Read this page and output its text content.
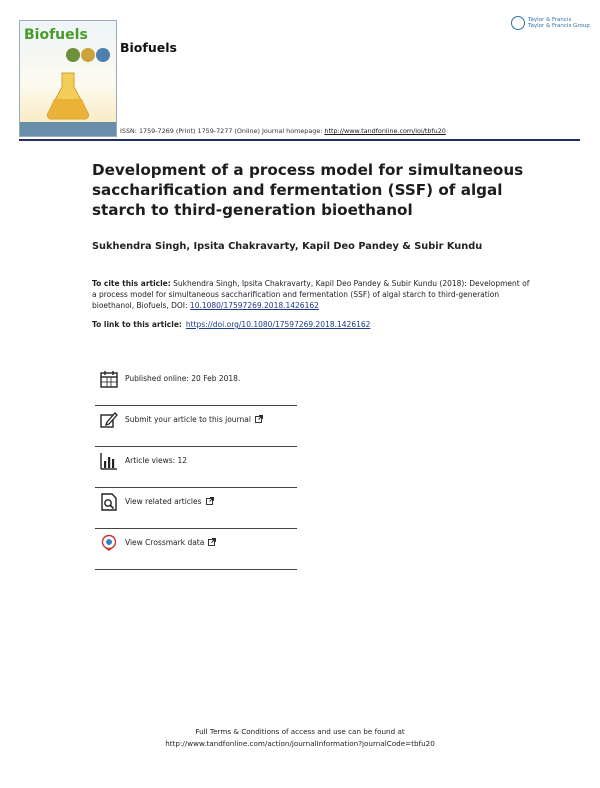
Biofuels
Biofuels
Taylor & Francis
Taylor & Francis Group
ISSN: 1759-7269 (Print) 1759-7277 (Online) Journal homepage: http://www.tandfonline.com/loi/tbfu20
Development of a process model for simultaneous saccharification and fermentation (SSF) of algal starch to third-generation bioethanol
Sukhendra Singh, Ipsita Chakravarty, Kapil Deo Pandey & Subir Kundu
To cite this article: Sukhendra Singh, Ipsita Chakravarty, Kapil Deo Pandey & Subir Kundu (2018): Development of a process model for simultaneous saccharification and fermentation (SSF) of algal starch to third-generation bioethanol, Biofuels, DOI: 10.1080/17597269.2018.1426162
To link to this article: https://doi.org/10.1080/17597269.2018.1426162
Published online: 20 Feb 2018.
Submit your article to this journal
Article views: 12
View related articles
View Crossmark data
Full Terms & Conditions of access and use can be found at
http://www.tandfonline.com/action/journalInformation?journalCode=tbfu20
